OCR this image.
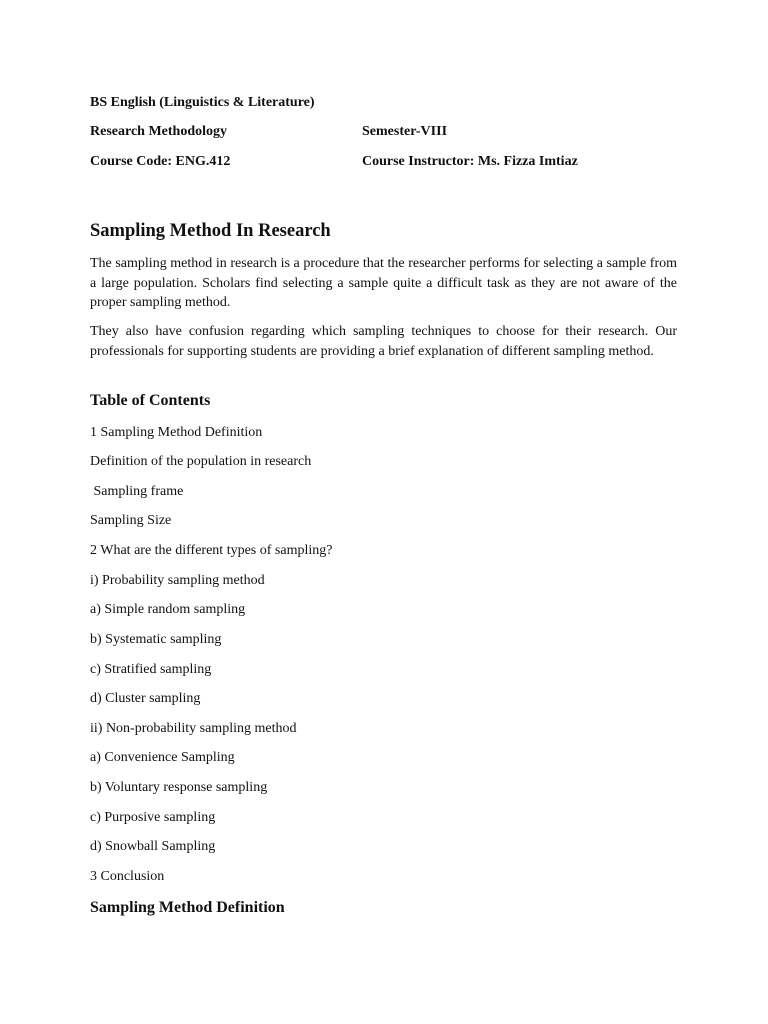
BS English (Linguistics & Literature)
Research Methodology	Semester-VIII
Course Code: ENG.412	Course Instructor: Ms. Fizza Imtiaz
Sampling Method In Research
The sampling method in research is a procedure that the researcher performs for selecting a sample from a large population. Scholars find selecting a sample quite a difficult task as they are not aware of the proper sampling method.
They also have confusion regarding which sampling techniques to choose for their research. Our professionals for supporting students are providing a brief explanation of different sampling method.
Table of Contents
1 Sampling Method Definition
Definition of the population in research
Sampling frame
Sampling Size
2 What are the different types of sampling?
i) Probability sampling method
a) Simple random sampling
b) Systematic sampling
c) Stratified sampling
d) Cluster sampling
ii) Non-probability sampling method
a) Convenience Sampling
b) Voluntary response sampling
c) Purposive sampling
d) Snowball Sampling
3 Conclusion
Sampling Method Definition
